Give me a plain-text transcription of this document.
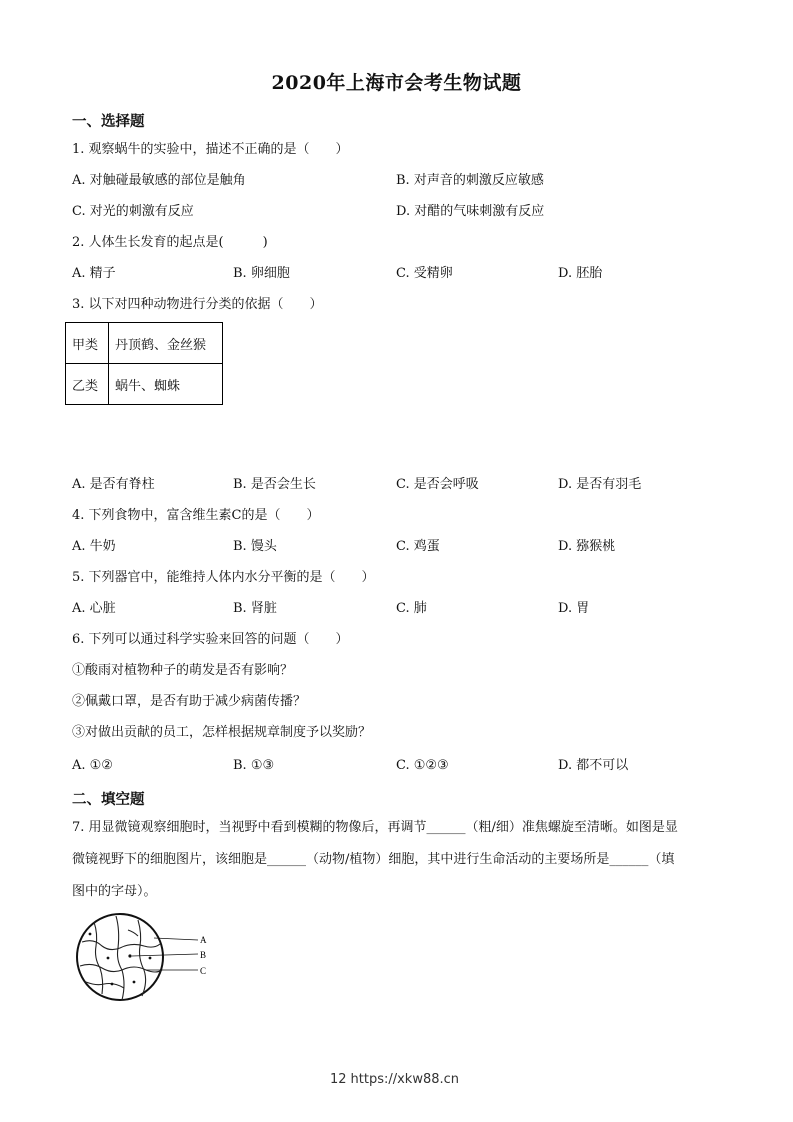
2020年上海市会考生物试题
一、选择题
1. 观察蜗牛的实验中，描述不正确的是（　　）
A. 对触碰最敏感的部位是触角	B. 对声音的刺激反应敏感
C. 对光的刺激有反应	D. 对醋的气味刺激有反应
2. 人体生长发育的起点是(　　　)
A. 精子	B. 卵细胞	C. 受精卵	D. 胚胎
3. 以下对四种动物进行分类的依据（　　）
甲类	丹顶鹤、金丝猴
乙类	蜗牛、蜘蛛
A. 是否有脊柱	B. 是否会生长	C. 是否会呼吸	D. 是否有羽毛
4. 下列食物中，富含维生素C的是（　　）
A. 牛奶	B. 馒头	C. 鸡蛋	D. 猕猴桃
5. 下列器官中，能维持人体内水分平衡的是（　　）
A. 心脏	B. 肾脏	C. 肺	D. 胃
6. 下列可以通过科学实验来回答的问题（　　）
①酸雨对植物种子的萌发是否有影响？
②佩戴口罩，是否有助于减少病菌传播？
③对做出贡献的员工，怎样根据规章制度予以奖励？
A. ①②	B. ①③	C. ①②③	D. 都不可以
二、填空题
7. 用显微镜观察细胞时，当视野中看到模糊的物像后，再调节______（粗/细）准焦螺旋至清晰。如图是显
微镜视野下的细胞图片，该细胞是______（动物/植物）细胞，其中进行生命活动的主要场所是______（填
图中的字母）。
A
B
C
12 https://xkw88.cn
